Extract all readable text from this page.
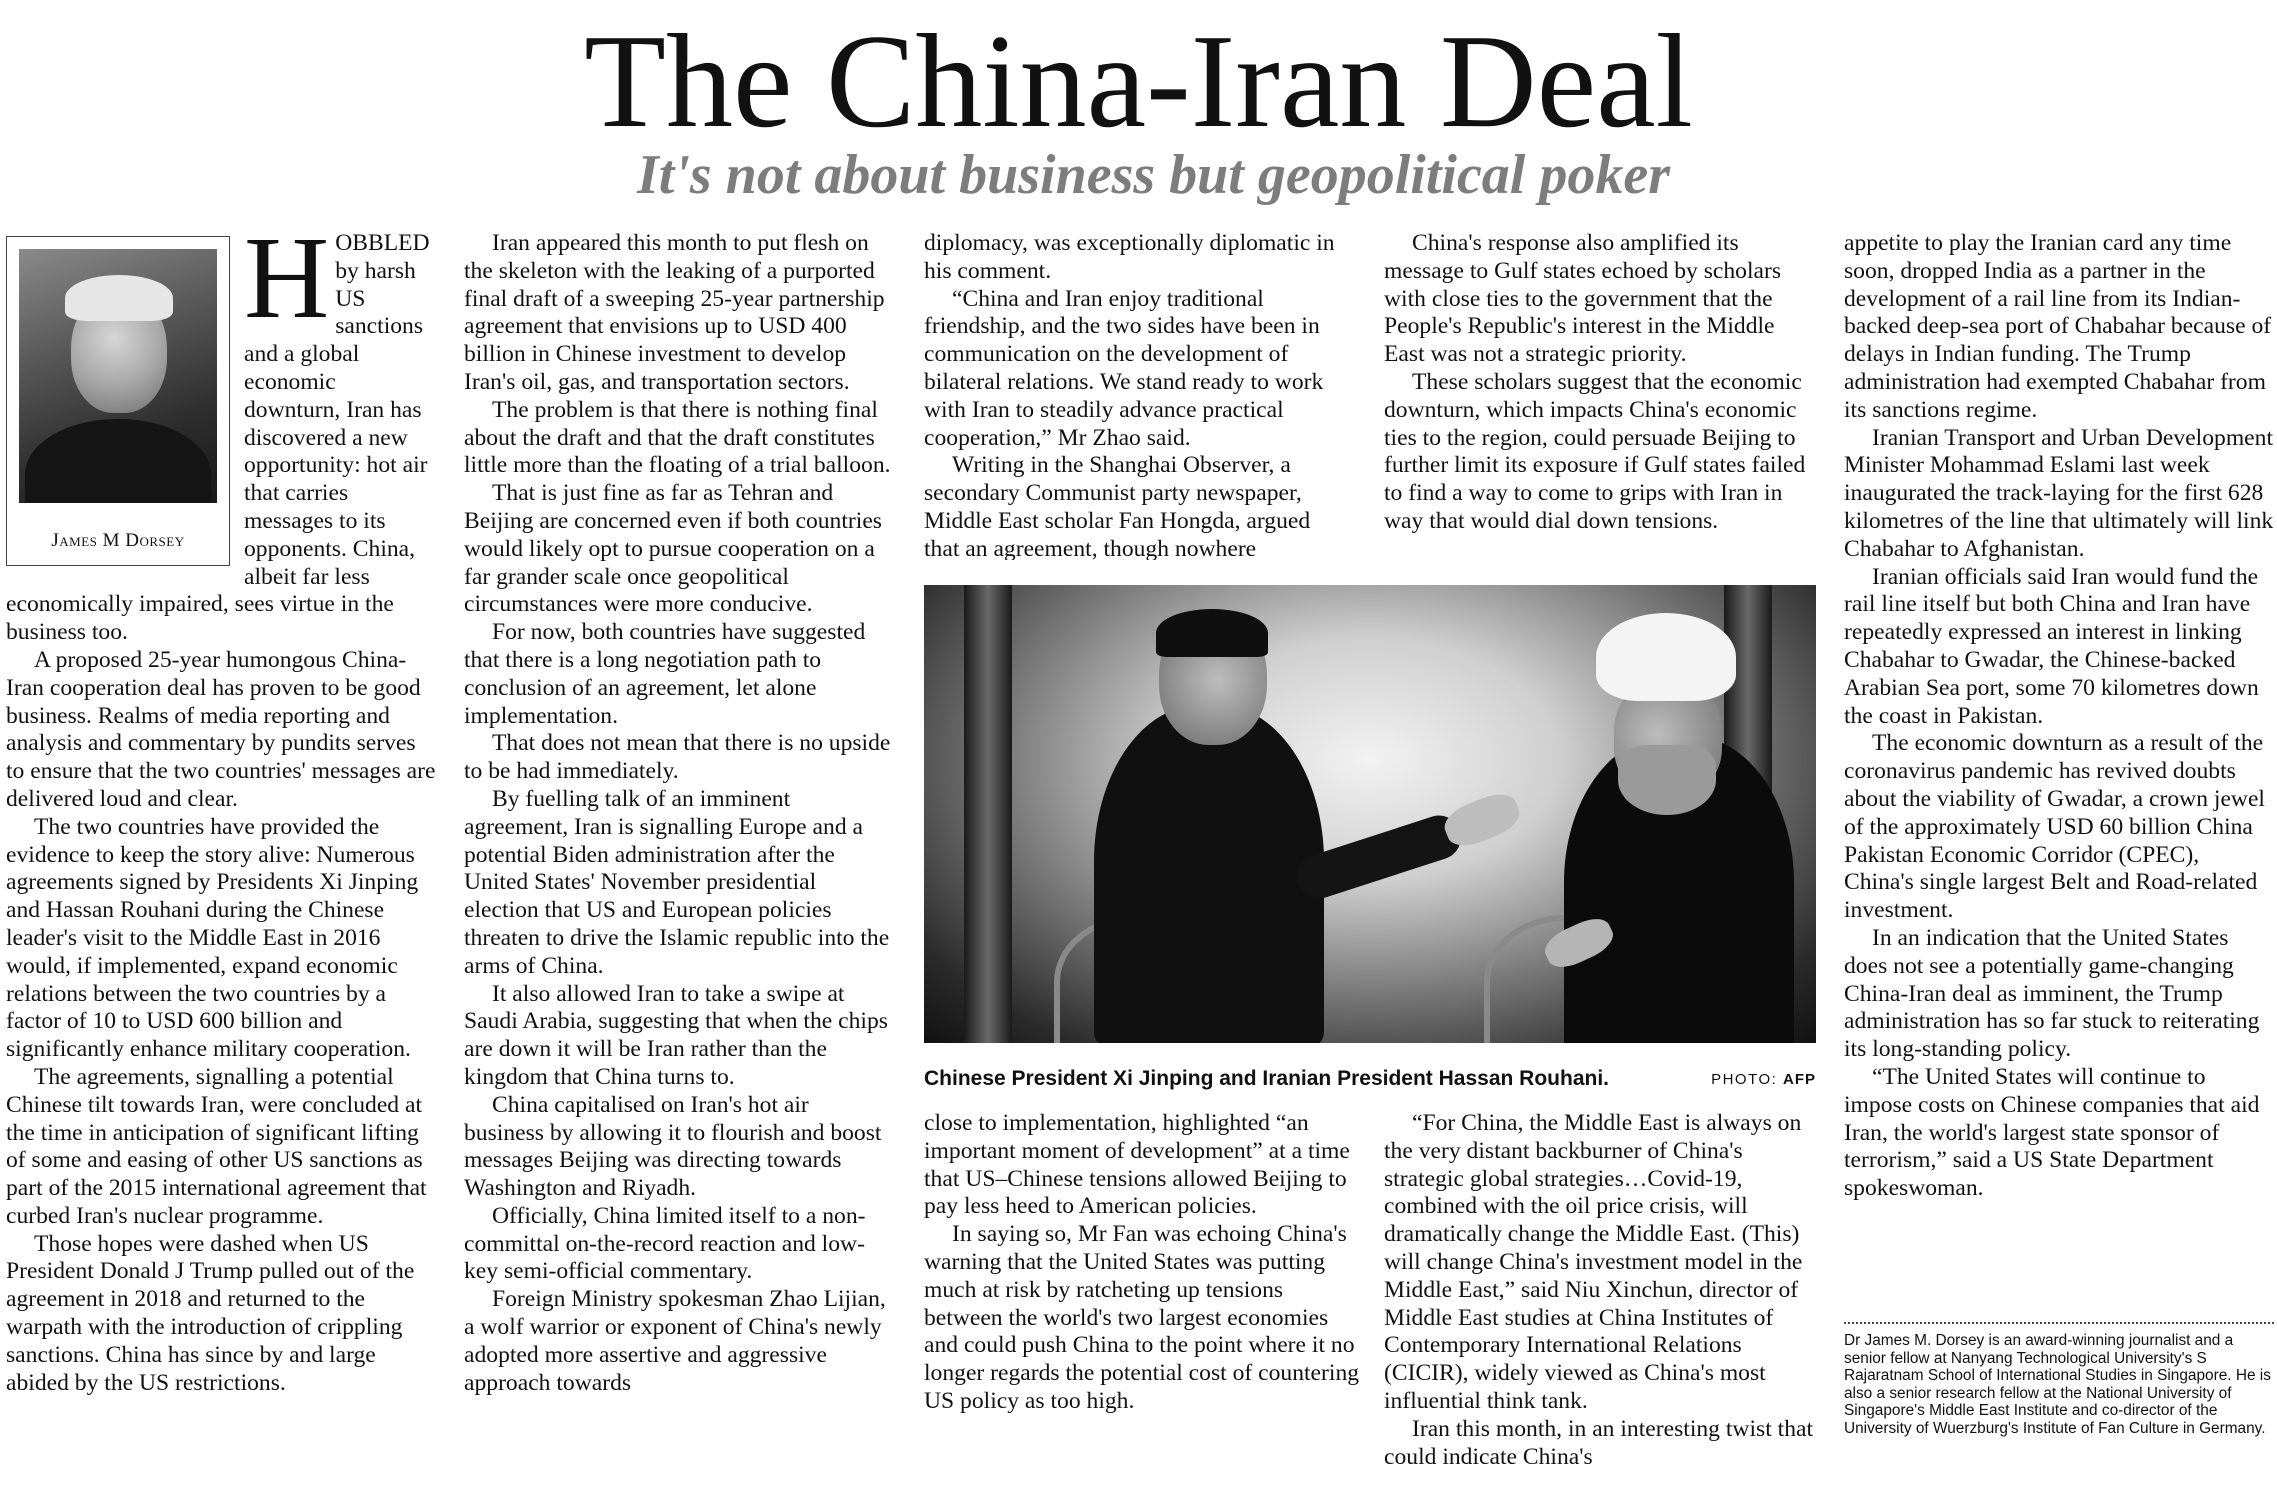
The China-Iran Deal
It's not about business but geopolitical poker
James M Dorsey
H OBBLED by harsh US sanctions and a global economic downturn, Iran has discovered a new opportunity: hot air that carries messages to its opponents. China, albeit far less economically impaired, sees virtue in the business too.

A proposed 25-year humongous China-Iran cooperation deal has proven to be good business. Realms of media reporting and analysis and commentary by pundits serves to ensure that the two countries' messages are delivered loud and clear.

The two countries have provided the evidence to keep the story alive: Numerous agreements signed by Presidents Xi Jinping and Hassan Rouhani during the Chinese leader's visit to the Middle East in 2016 would, if implemented, expand economic relations between the two countries by a factor of 10 to USD 600 billion and significantly enhance military cooperation.

The agreements, signalling a potential Chinese tilt towards Iran, were concluded at the time in anticipation of significant lifting of some and easing of other US sanctions as part of the 2015 international agreement that curbed Iran's nuclear programme.

Those hopes were dashed when US President Donald J Trump pulled out of the agreement in 2018 and returned to the warpath with the introduction of crippling sanctions. China has since by and large abided by the US restrictions.

Iran appeared this month to put flesh on the skeleton with the leaking of a purported final draft of a sweeping 25-year partnership agreement that envisions up to USD 400 billion in Chinese investment to develop Iran's oil, gas, and transportation sectors.

The problem is that there is nothing final about the draft and that the draft constitutes little more than the floating of a trial balloon.

That is just fine as far as Tehran and Beijing are concerned even if both countries would likely opt to pursue cooperation on a far grander scale once geopolitical circumstances were more conducive.

For now, both countries have suggested that there is a long negotiation path to conclusion of an agreement, let alone implementation.

That does not mean that there is no upside to be had immediately.

By fuelling talk of an imminent agreement, Iran is signalling Europe and a potential Biden administration after the United States' November presidential election that US and European policies threaten to drive the Islamic republic into the arms of China.

It also allowed Iran to take a swipe at Saudi Arabia, suggesting that when the chips are down it will be Iran rather than the kingdom that China turns to.

China capitalised on Iran's hot air business by allowing it to flourish and boost messages Beijing was directing towards Washington and Riyadh.

Officially, China limited itself to a non-committal on-the-record reaction and low-key semi-official commentary.

Foreign Ministry spokesman Zhao Lijian, a wolf warrior or exponent of China's newly adopted more assertive and aggressive approach towards

diplomacy, was exceptionally diplomatic in his comment.

“China and Iran enjoy traditional friendship, and the two sides have been in communication on the development of bilateral relations. We stand ready to work with Iran to steadily advance practical cooperation,” Mr Zhao said.

Writing in the Shanghai Observer, a secondary Communist party newspaper, Middle East scholar Fan Hongda, argued that an agreement, though nowhere

China's response also amplified its message to Gulf states echoed by scholars with close ties to the government that the People's Republic's interest in the Middle East was not a strategic priority.

These scholars suggest that the economic downturn, which impacts China's economic ties to the region, could persuade Beijing to further limit its exposure if Gulf states failed to find a way to come to grips with Iran in way that would dial down tensions.

Chinese President Xi Jinping and Iranian President Hassan Rouhani.	PHOTO: AFP

close to implementation, highlighted “an important moment of development” at a time that US–Chinese tensions allowed Beijing to pay less heed to American policies.

In saying so, Mr Fan was echoing China's warning that the United States was putting much at risk by ratcheting up tensions between the world's two largest economies and could push China to the point where it no longer regards the potential cost of countering US policy as too high.

“For China, the Middle East is always on the very distant backburner of China's strategic global strategies…Covid-19, combined with the oil price crisis, will dramatically change the Middle East. (This) will change China's investment model in the Middle East,” said Niu Xinchun, director of Middle East studies at China Institutes of Contemporary International Relations (CICIR), widely viewed as China's most influential think tank.

Iran this month, in an interesting twist that could indicate China's

appetite to play the Iranian card any time soon, dropped India as a partner in the development of a rail line from its Indian-backed deep-sea port of Chabahar because of delays in Indian funding. The Trump administration had exempted Chabahar from its sanctions regime.

Iranian Transport and Urban Development Minister Mohammad Eslami last week inaugurated the track-laying for the first 628 kilometres of the line that ultimately will link Chabahar to Afghanistan.

Iranian officials said Iran would fund the rail line itself but both China and Iran have repeatedly expressed an interest in linking Chabahar to Gwadar, the Chinese-backed Arabian Sea port, some 70 kilometres down the coast in Pakistan.

The economic downturn as a result of the coronavirus pandemic has revived doubts about the viability of Gwadar, a crown jewel of the approximately USD 60 billion China Pakistan Economic Corridor (CPEC), China's single largest Belt and Road-related investment.

In an indication that the United States does not see a potentially game-changing China-Iran deal as imminent, the Trump administration has so far stuck to reiterating its long-standing policy.

“The United States will continue to impose costs on Chinese companies that aid Iran, the world's largest state sponsor of terrorism,” said a US State Department spokeswoman.

Dr James M. Dorsey is an award-winning journalist and a senior fellow at Nanyang Technological University's S Rajaratnam School of International Studies in Singapore. He is also a senior research fellow at the National University of Singapore's Middle East Institute and co-director of the University of Wuerzburg's Institute of Fan Culture in Germany.
